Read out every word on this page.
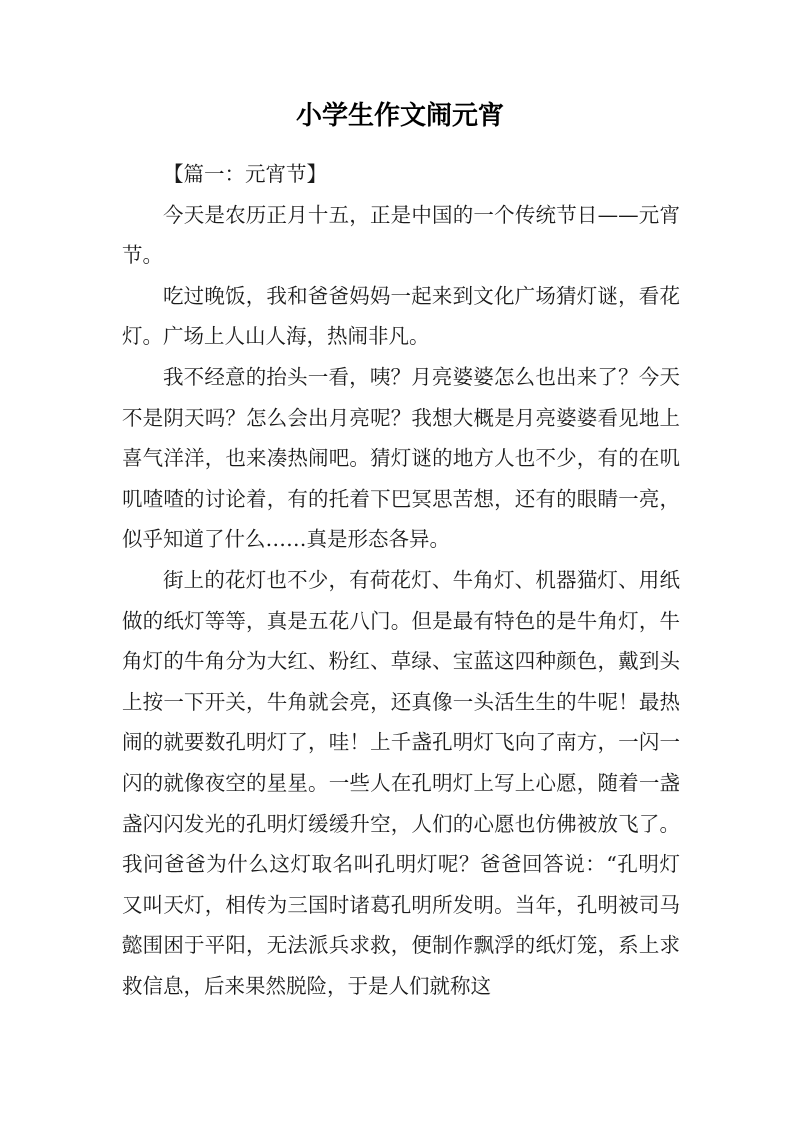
小学生作文闹元宵

【篇一：元宵节】

今天是农历正月十五，正是中国的一个传统节日——元宵节。

吃过晚饭，我和爸爸妈妈一起来到文化广场猜灯谜，看花灯。广场上人山人海，热闹非凡。

我不经意的抬头一看，咦？月亮婆婆怎么也出来了？今天不是阴天吗？怎么会出月亮呢？我想大概是月亮婆婆看见地上喜气洋洋，也来凑热闹吧。猜灯谜的地方人也不少，有的在叽叽喳喳的讨论着，有的托着下巴冥思苦想，还有的眼睛一亮，似乎知道了什么……真是形态各异。

街上的花灯也不少，有荷花灯、牛角灯、机器猫灯、用纸做的纸灯等等，真是五花八门。但是最有特色的是牛角灯，牛角灯的牛角分为大红、粉红、草绿、宝蓝这四种颜色，戴到头上按一下开关，牛角就会亮，还真像一头活生生的牛呢！最热闹的就要数孔明灯了，哇！上千盏孔明灯飞向了南方，一闪一闪的就像夜空的星星。一些人在孔明灯上写上心愿，随着一盏盏闪闪发光的孔明灯缓缓升空，人们的心愿也仿佛被放飞了。我问爸爸为什么这灯取名叫孔明灯呢？爸爸回答说：“孔明灯又叫天灯，相传为三国时诸葛孔明所发明。当年，孔明被司马懿围困于平阳，无法派兵求救，便制作飘浮的纸灯笼，系上求救信息，后来果然脱险，于是人们就称这
